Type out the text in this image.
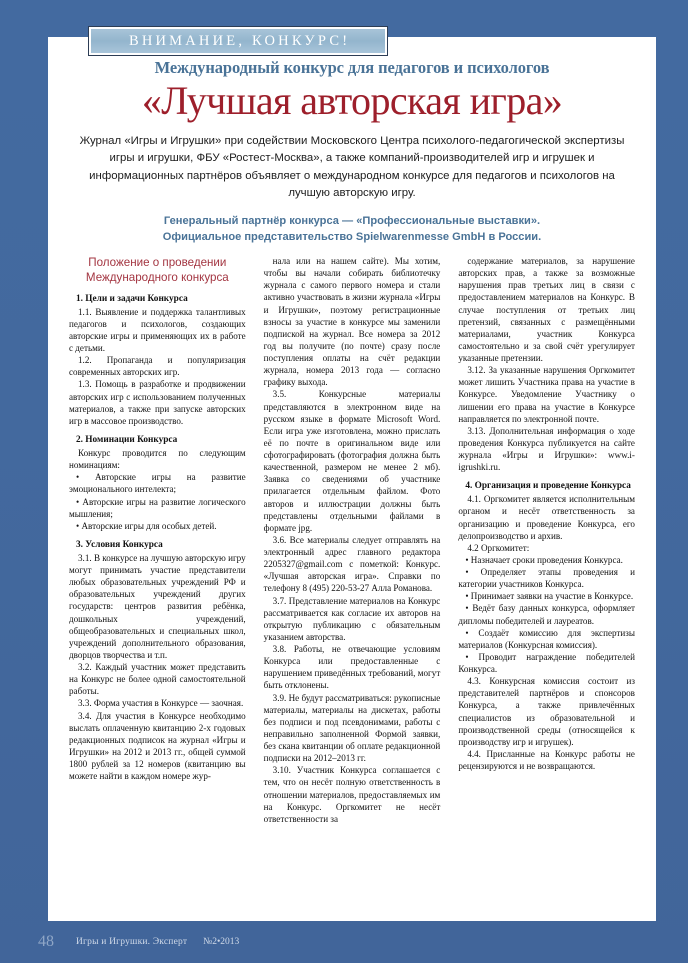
Международный конкурс для педагогов и психологов
«Лучшая авторская игра»
Журнал «Игры и Игрушки» при содействии Московского Центра психолого-педагогической экспертизы игры и игрушки, ФБУ «Ростест-Москва», а также компаний-производителей игр и игрушек и информационных партнёров объявляет о международном конкурсе для педагогов и психологов на лучшую авторскую игру.
Генеральный партнёр конкурса — «Профессиональные выставки».
Официальное представительство Spielwarenmesse GmbH в России.
Положение о проведении Международного конкурса
1. Цели и задачи Конкурса

1.1. Выявление и поддержка талантливых педагогов и психологов, создающих авторские игры и применяющих их в работе с детьми.

1.2. Пропаганда и популяризация современных авторских игр.

1.3. Помощь в разработке и продвижении авторских игр с использованием полученных материалов, а также при запуске авторских игр в массовое производство.

2. Номинации Конкурса

Конкурс проводится по следующим номинациям:

• Авторские игры на развитие эмоционального интелекта;

• Авторские игры на развитие логического мышления;

• Авторские игры для особых детей.

3. Условия Конкурса

3.1. В конкурсе на лучшую авторскую игру могут принимать участие представители любых образовательных учреждений РФ и образовательных учреждений других государств: центров развития ребёнка, дошкольных учреждений, общеобразовательных и специальных школ, учреждений дополнительного образования, дворцов творчества и т.п.

3.2. Каждый участник может представить на Конкурс не более одной самостоятельной работы.

3.3. Форма участия в Конкурсе — заочная.

3.4. Для участия в Конкурсе необходимо выслать оплаченную квитанцию 2-х годовых редакционных подписок на журнал «Игры и Игрушки» на 2012 и 2013 гг., общей суммой 1800 рублей за 12 номеров (квитанцию вы можете найти в каждом номере жур-

нала или на нашем сайте). Мы хотим, чтобы вы начали собирать библиотечку журнала с самого первого номера и стали активно участвовать в жизни журнала «Игры и Игрушки», поэтому регистрационные взносы за участие в конкурсе мы заменили подпиской на журнал. Все номера за 2012 год вы получите (по почте) сразу после поступления оплаты на счёт редакции журнала, номера 2013 года — согласно графику выхода.

3.5. Конкурсные материалы представляются в электронном виде на русском языке в формате Microsoft Word. Если игра уже изготовлена, можно прислать её по почте в оригинальном виде или сфотографировать (фотография должна быть качественной, размером не менее 2 мб). Заявка со сведениями об участнике прилагается отдельным файлом. Фото авторов и иллюстрации должны быть представлены отдельными файлами в формате jpg.

3.6. Все материалы следует отправлять на электронный адрес главного редактора 2205327@gmail.com с пометкой: Конкурс. «Лучшая авторская игра». Справки по телефону 8 (495) 220-53-27 Алла Романова.

3.7. Представление материалов на Конкурс рассматривается как согласие их авторов на открытую публикацию с обязательным указанием авторства.

3.8. Работы, не отвечающие условиям Конкурса или предоставленные с нарушением приведённых требований, могут быть отклонены.

3.9. Не будут рассматриваться: рукописные материалы, материалы на дискетах, работы без подписи и под псевдонимами, работы с неправильно заполненной Формой заявки, без скана квитанции об оплате редакционной подписки на 2012–2013 гг.

3.10. Участник Конкурса соглашается с тем, что он несёт полную ответственность в отношении материалов, предоставляемых им на Конкурс. Оргкомитет не несёт ответственности за

содержание материалов, за нарушение авторских прав, а также за возможные нарушения прав третьих лиц в связи с предоставлением материалов на Конкурс. В случае поступления от третьих лиц претензий, связанных с размещёнными материалами, участник Конкурса самостоятельно и за свой счёт урегулирует указанные претензии.

3.12. За указанные нарушения Оргкомитет может лишить Участника права на участие в Конкурсе. Уведомление Участнику о лишении его права на участие в Конкурсе направляется по электронной почте.

3.13. Дополнительная информация о ходе проведения Конкурса публикуется на сайте журнала «Игры и Игрушки»: www.i-igrushki.ru.

4. Организация и проведение Конкурса

4.1. Оргкомитет является исполнительным органом и несёт ответственность за организацию и проведение Конкурса, его делопроизводство и архив.

4.2 Оргкомитет:

• Назначает сроки проведения Конкурса.

• Определяет этапы проведения и категории участников Конкурса.

• Принимает заявки на участие в Конкурсе.

• Ведёт базу данных конкурса, оформляет дипломы победителей и лауреатов.

• Создаёт комиссию для экспертизы материалов (Конкурсная комиссия).

• Проводит награждение победителей Конкурса.

4.3. Конкурсная комиссия состоит из представителей партнёров и спонсоров Конкурса, а также привлечённых специалистов из образовательной и производственной среды (относящейся к производству игр и игрушек).

4.4. Присланные на Конкурс работы не рецензируются и не возвращаются.

ВНИМАНИЕ, КОНКУРС!
48 Игры и Игрушки. Эксперт №2•2013
